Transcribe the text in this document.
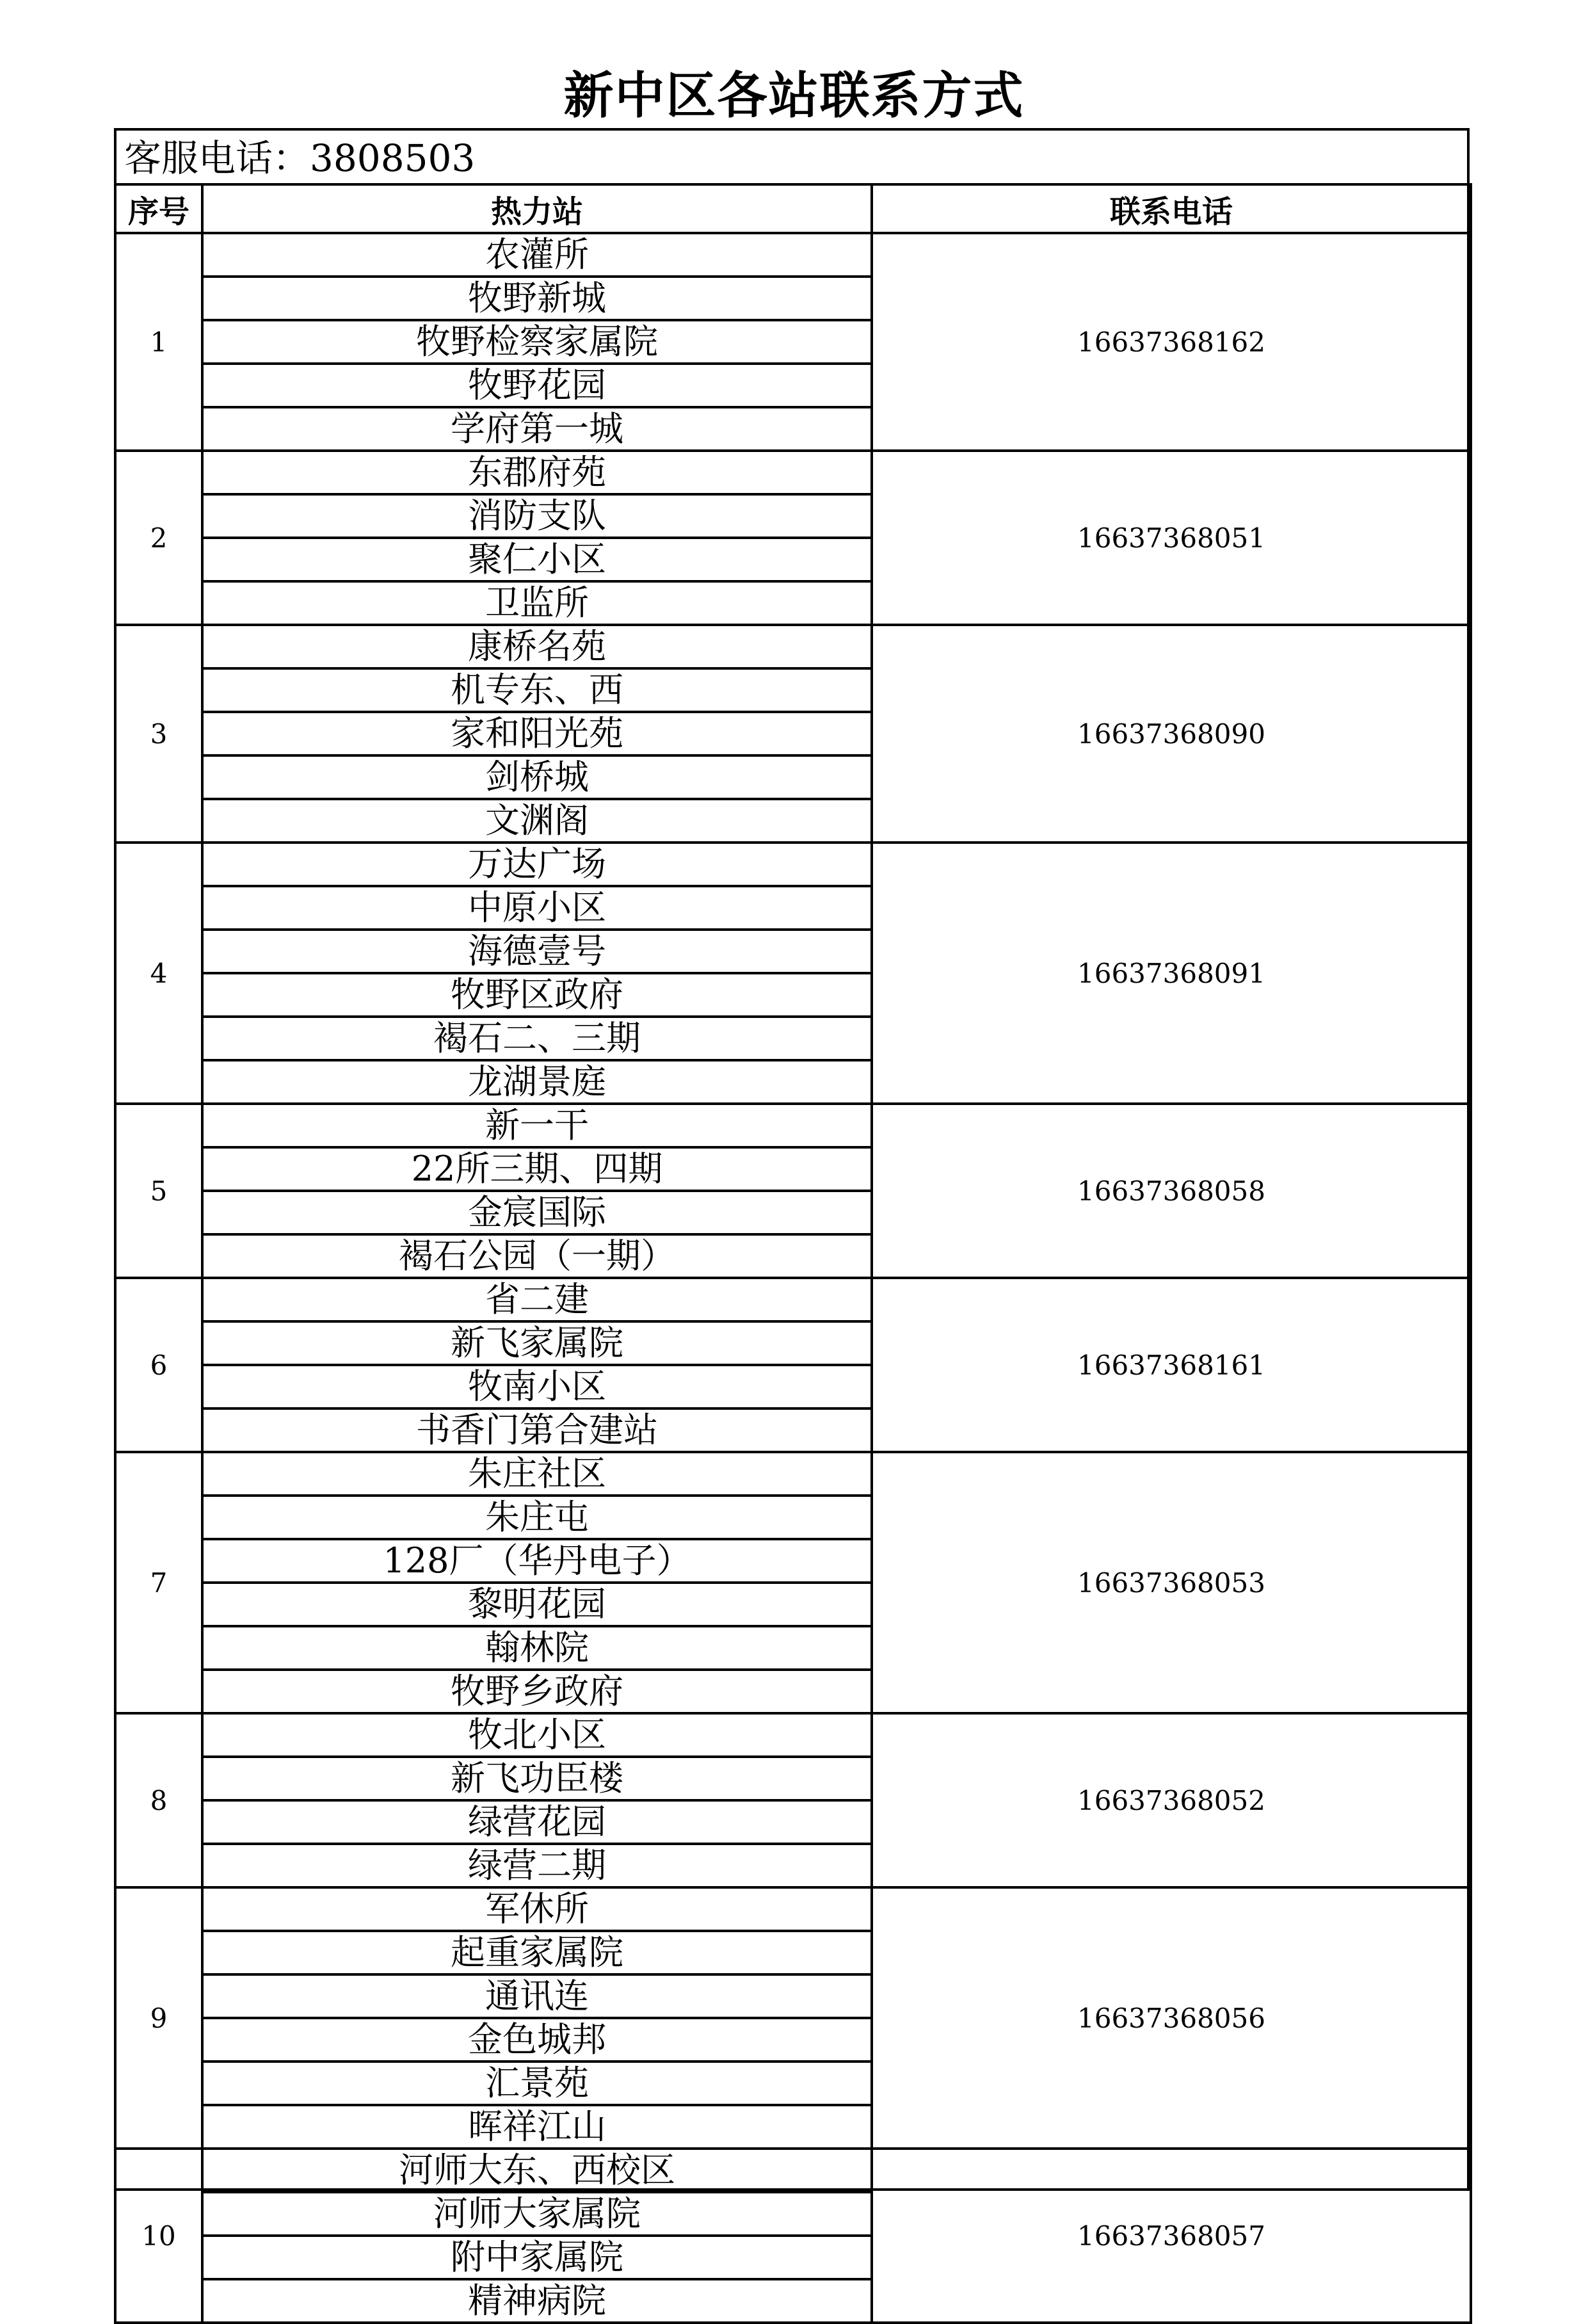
新中区各站联系方式
客服电话：3808503
序号	热力站	联系电话
1	农灌所	16637368162
	牧野新城	
	牧野检察家属院	
	牧野花园	
	学府第一城	
2	东郡府苑	16637368051
	消防支队	
	聚仁小区	
	卫监所	
3	康桥名苑	16637368090
	机专东、西	
	家和阳光苑	
	剑桥城	
	文渊阁	
4	万达广场	16637368091
	中原小区	
	海德壹号	
	牧野区政府	
	褐石二、三期	
	龙湖景庭	
5	新一干	16637368058
	22所三期、四期	
	金宸国际	
	褐石公园（一期）	
6	省二建	16637368161
	新飞家属院	
	牧南小区	
	书香门第合建站	
7	朱庄社区	16637368053
	朱庄屯	
	128厂（华丹电子）	
	黎明花园	
	翰林院	
	牧野乡政府	
8	牧北小区	16637368052
	新飞功臣楼	
	绿营花园	
	绿营二期	
9	军休所	16637368056
	起重家属院	
	通讯连	
	金色城邦	
	汇景苑	
	晖祥江山	
10	河师大东、西校区	16637368057
	河师大家属院	
	附中家属院	
	精神病院	
